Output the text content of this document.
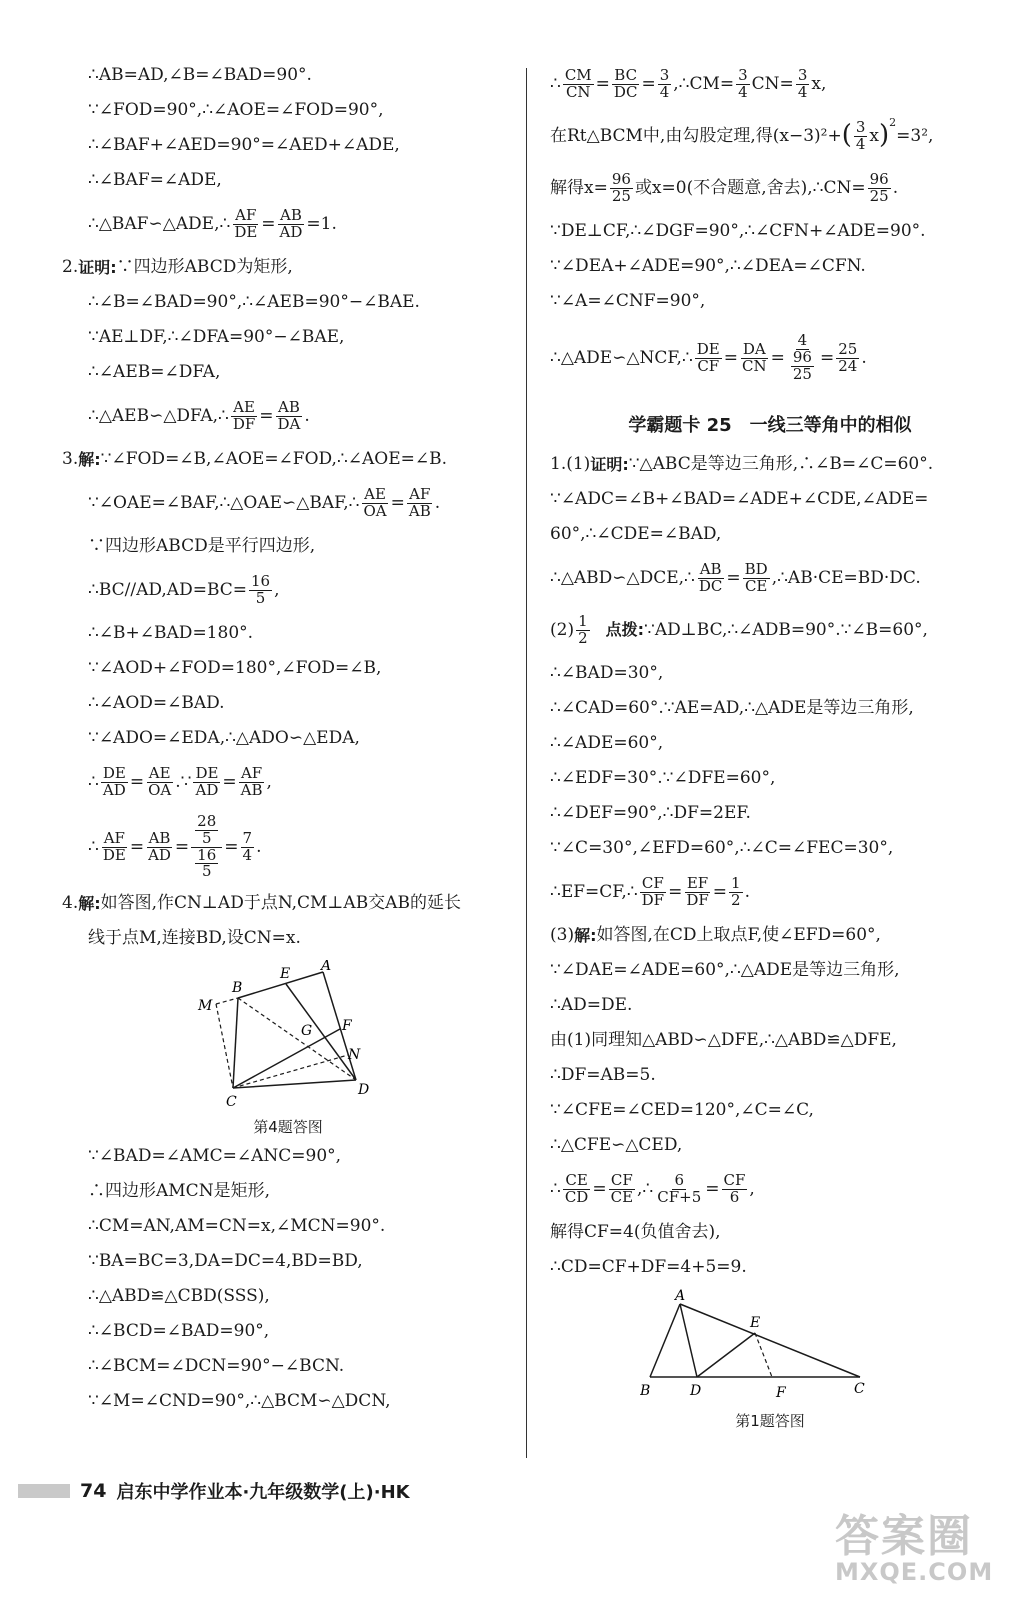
∴AB=AD,∠B=∠BAD=90°.
∵∠FOD=90°,∴∠AOE=∠FOD=90°,
∴∠BAF+∠AED=90°=∠AED+∠ADE,
∴∠BAF=∠ADE,
∴△BAF∽△ADE,∴ $\frac{AF}{DE} = \frac{AB}{AD} =1$.
2. 证明: ∵四边形ABCD为矩形,
∴∠B=∠BAD=90°,∴∠AEB=90°−∠BAE.
∵AE⊥DF,∴∠DFA=90°−∠BAE,
∴∠AEB=∠DFA,
∴△AEB∽△DFA,∴ $\frac{AE}{DF} = \frac{AB}{DA}$ .
3. 解: ∵∠FOD=∠B,∠AOE=∠FOD,∴∠AOE=∠B.
∵∠OAE=∠BAF,∴△OAE∽△BAF,∴ $\frac{AE}{OA} = \frac{AF}{AB}$ .
∵四边形ABCD是平行四边形,
∴BC//AD,AD=BC= $\frac{16}{5}$ ,
∴∠B+∠BAD=180°.
∵∠AOD+∠FOD=180°,∠FOD=∠B,
∴∠AOD=∠BAD.
∵∠ADO=∠EDA,∴△ADO∽△EDA,
∴ $\frac{DE}{AD} = \frac{AE}{OA}$ .∵ $\frac{DE}{AD} = \frac{AF}{AB}$ ,
∴ $\frac{AF}{DE} = \frac{AB}{AD} = \frac{\frac{28}{5}}{\frac{16}{5}} = \frac{7}{4}$ .
4. 解: 如答图,作CN⊥AD于点N,CM⊥AB交AB的延长
线于点M,连接BD,设CN=x.
B
E A
M
F
G
N
D
C
第4题答图
∵∠BAD=∠AMC=∠ANC=90°,
∴四边形AMCN是矩形,
∴CM=AN,AM=CN=x,∠MCN=90°.
∵BA=BC=3,DA=DC=4,BD=BD,
∴△ABD≌△CBD(SSS),
∴∠BCD=∠BAD=90°,
∴∠BCM=∠DCN=90°−∠BCN.
∵∠M=∠CND=90°,∴△BCM∽△DCN,
∴ $\frac{CM}{CN} = \frac{BC}{DC} = \frac{3}{4}$ ,∴CM= $\frac{3}{4} CN= \frac{3}{4} x$,
在Rt△BCM中,由勾股定理,得(x−3)²+ ( $\frac{3}{4}$ x )$^2$
=3²,
解得$x= \frac{96}{25}$ 或x=0(不合题意,舍去),∴CN= $\frac{96}{25}$ .
∵DE⊥CF,∴∠DGF=90°,∴∠CFN+∠ADE=90°.
∵∠DEA+∠ADE=90°,∴∠DEA=∠CFN.
∵∠A=∠CNF=90°,
∴△ADE∽△NCF,∴ $\frac{DE}{CF} = \frac{DA}{CN} = \frac{4}{\frac{96}{25}} = \frac{25}{24}$ .
学霸题卡 25　一线三等角中的相似
1. (1) 证明: ∵△ABC是等边三角形,∴∠B=∠C=60°.
∵∠ADC=∠B+∠BAD=∠ADE+∠CDE,∠ADE=
60°,∴∠CDE=∠BAD,
∴△ABD∽△DCE,∴ $\frac{AB}{DC} = \frac{BD}{CE}$ ,∴AB·CE=BD·DC.
$(2) \frac{1}{2}$ 点拨: ∵AD⊥BC,∴∠ADB=90°.∵∠B=60°,
∴∠BAD=30°,
∴∠CAD=60°.∵AE=AD,∴△ADE是等边三角形,
∴∠ADE=60°,
∴∠EDF=30°.∵∠DFE=60°,
∴∠DEF=90°,∴DF=2EF.
∵∠C=30°,∠EFD=60°,∴∠C=∠FEC=30°,
∴EF=CF,∴ $\frac{CF}{DF} = \frac{EF}{DF} = \frac{1}{2}$ .
(3) 解: 如答图,在CD上取点F,使∠EFD=60°,
∵∠DAE=∠ADE=60°,∴△ADE是等边三角形,
∴AD=DE.
由(1)同理知△ABD∽△DFE,∴△ABD≌△DFE,
∴DF=AB=5.
∵∠CFE=∠CED=120°,∠C=∠C,
∴△CFE∽△CED,
∴ $\frac{CE}{CD} = \frac{CF}{CE}$ ,∴ $\frac{6}{CF+5} = \frac{CF}{6}$ ,
解得CF=4(负值舍去),
∴CD=CF+DF=4+5=9.
A
E
B	D	F	C
第1题答图
74 启东中学作业本·九年级数学(上)·HK
答案圈
MXQE.COM
